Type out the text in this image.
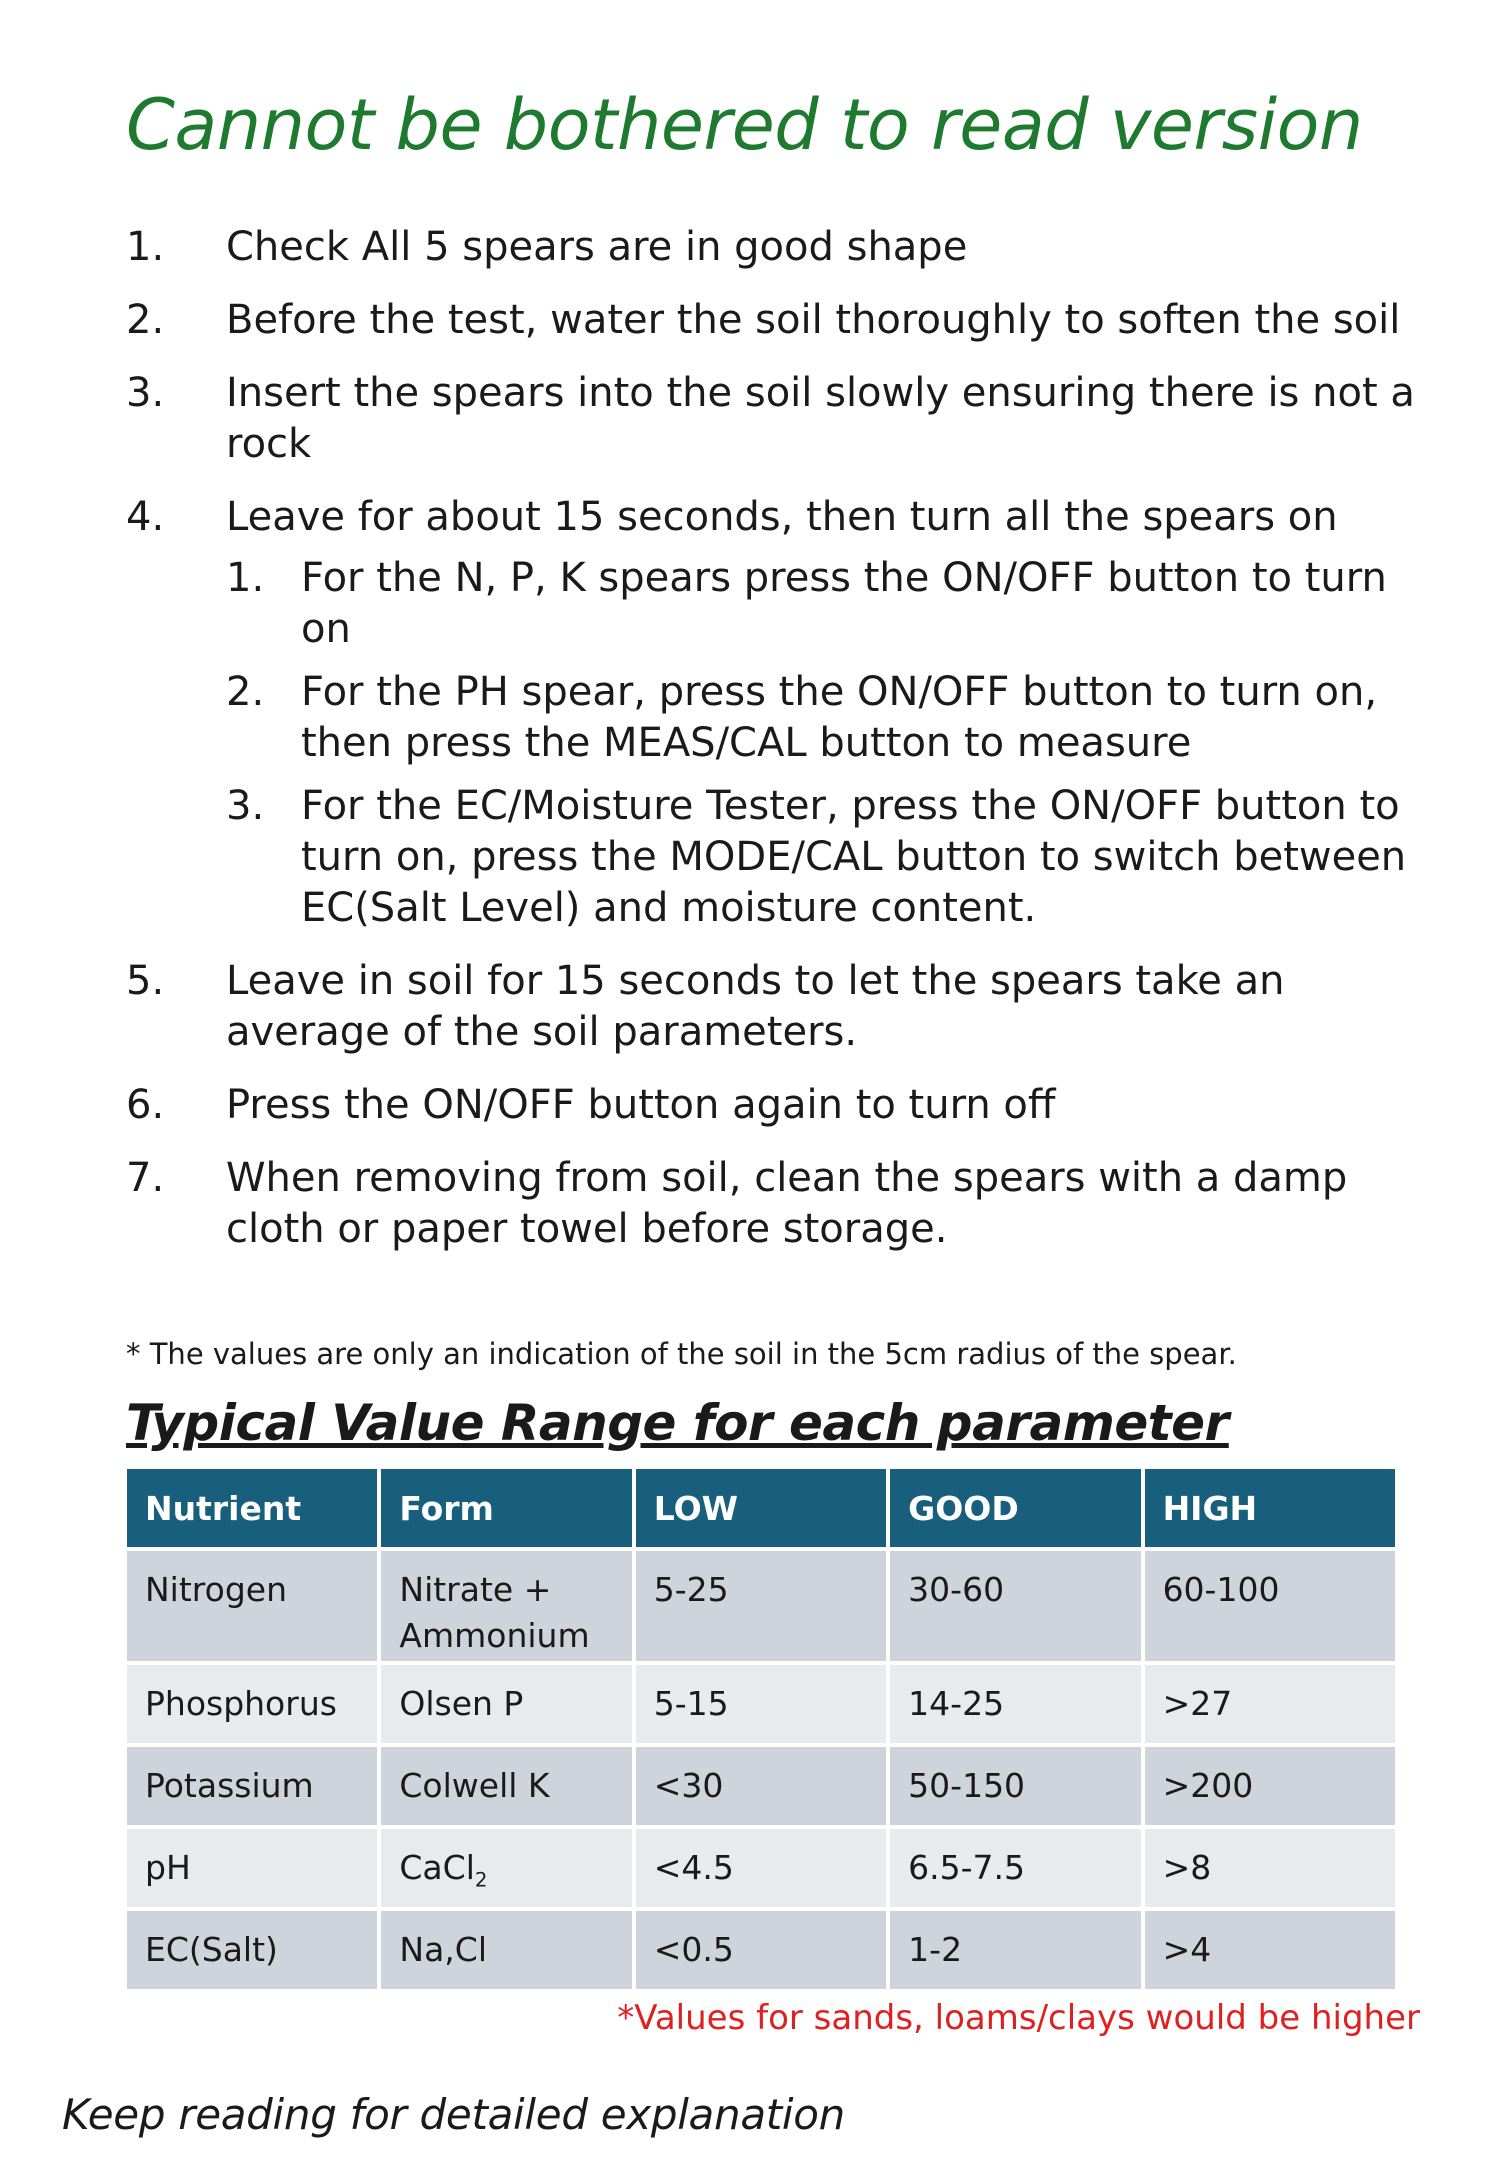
Cannot be bothered to read version
1. Check All 5 spears are in good shape
2. Before the test, water the soil thoroughly to soften the soil
3. Insert the spears into the soil slowly ensuring there is not a rock
4. Leave for about 15 seconds, then turn all the spears on
1. For the N, P, K spears press the ON/OFF button to turn on
2. For the PH spear, press the ON/OFF button to turn on, then press the MEAS/CAL button to measure
3. For the EC/Moisture Tester, press the ON/OFF button to turn on, press the MODE/CAL button to switch between EC(Salt Level) and moisture content.
5. Leave in soil for 15 seconds to let the spears take an average of the soil parameters.
6. Press the ON/OFF button again to turn off
7. When removing from soil, clean the spears with a damp cloth or paper towel before storage.
* The values are only an indication of the soil in the 5cm radius of the spear.
Typical Value Range for each parameter
Nutrient	Form	LOW	GOOD	HIGH
Nitrogen	Nitrate + Ammonium	5-25	30-60	60-100
Phosphorus	Olsen P	5-15	14-25	>27
Potassium	Colwell K	<30	50-150	>200
pH	CaCl$_2$	<4.5	6.5-7.5	>8
EC(Salt)	Na,Cl	<0.5	1-2	>4
*Values for sands, loams/clays would be higher
Keep reading for detailed explanation
